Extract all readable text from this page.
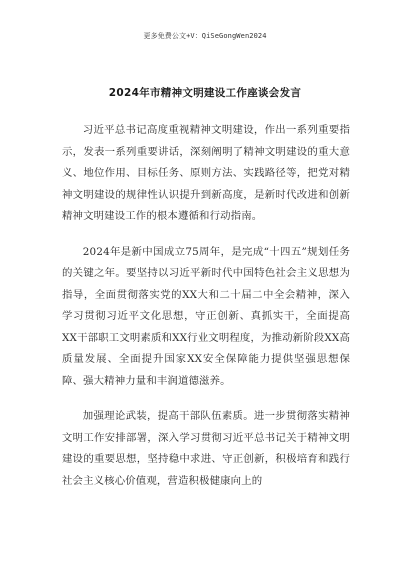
更多免费公文+V：QiSeGongWen2024
2024年市精神文明建设工作座谈会发言

习近平总书记高度重视精神文明建设，作出一系列重要指示，发表一系列重要讲话，深刻阐明了精神文明建设的重大意义、地位作用、目标任务、原则方法、实践路径等，把党对精神文明建设的规律性认识提升到新高度，是新时代改进和创新精神文明建设工作的根本遵循和行动指南。

2024年是新中国成立75周年，是完成“十四五”规划任务的关键之年。要坚持以习近平新时代中国特色社会主义思想为指导，全面贯彻落实党的XX大和二十届二中全会精神，深入学习贯彻习近平文化思想，守正创新、真抓实干，全面提高XX干部职工文明素质和XX行业文明程度，为推动新阶段XX高质量发展、全面提升国家XX安全保障能力提供坚强思想保障、强大精神力量和丰润道德滋养。

加强理论武装，提高干部队伍素质。进一步贯彻落实精神文明工作安排部署，深入学习贯彻习近平总书记关于精神文明建设的重要思想，坚持稳中求进、守正创新，积极培育和践行社会主义核心价值观，营造积极健康向上的
